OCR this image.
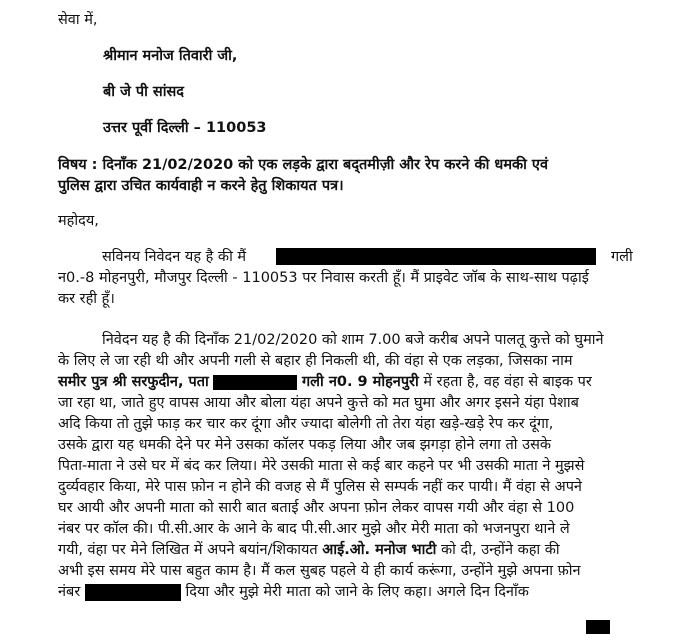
सेवा में,
श्रीमान मनोज तिवारी जी,
बी जे पी सांसद
उत्तर पूर्वी दिल्ली – 110053
विषय : दिनाँक 21/02/2020 को एक लड़के द्वारा बद्तमीज़ी और रेप करने की धमकी एवं
पुलिस द्वारा उचित कार्यवाही न करने हेतु शिकायत पत्र।
महोदय,
सविनय निवेदन यह है की मैं	गली
न0.-8 मोहनपुरी, मौजपुर दिल्ली - 110053 पर निवास करती हूँ। मैं प्राइवेट जॉब के साथ-साथ पढ़ाई
कर रही हूँ।
निवेदन यह है की दिनाँक 21/02/2020 को शाम 7.00 बजे करीब अपने पालतू कुत्ते को घुमाने
के लिए ले जा रही थी और अपनी गली से बहार ही निकली थी, की वंहा से एक लड़का, जिसका नाम
समीर पुत्र श्री सरफुदीन, पता	गली न0. 9 मोहनपुरी में रहता है, वह वंहा से बाइक पर
जा रहा था, जाते हुए वापस आया और बोला यंहा अपने कुत्ते को मत घुमा और अगर इसने यंहा पेशाब
अदि किया तो तुझे फाड़ कर चार कर दूंगा और ज्यादा बोलेगी तो तेरा यंहा खड़े-खड़े रेप कर दूंगा,
उसके द्वारा यह धमकी देने पर मेने उसका कॉलर पकड़ लिया और जब झगड़ा होने लगा तो उसके
पिता-माता ने उसे घर में बंद कर लिया। मेरे उसकी माता से कई बार कहने पर भी उसकी माता ने मुझसे
दुर्व्यवहार किया, मेरे पास फ़ोन न होने की वजह से मैं पुलिस से सम्पर्क नहीं कर पायी। मैं वंहा से अपने
घर आयी और अपनी माता को सारी बात बताई और अपना फ़ोन लेकर वापस गयी और वंहा से 100
नंबर पर कॉल की। पी.सी.आर के आने के बाद पी.सी.आर मुझे और मेरी माता को भजनपुरा थाने ले
गयी, वंहा पर मेने लिखित में अपने बयांन/शिकायत आई.ओ. मनोज भाटी को दी, उन्होंने कहा की
अभी इस समय मेरे पास बहुत काम है। मैं कल सुबह पहले ये ही कार्य करूंगा, उन्होंने मुझे अपना फ़ोन
नंबर	दिया और मुझे मेरी माता को जाने के लिए कहा। अगले दिन दिनाँक
